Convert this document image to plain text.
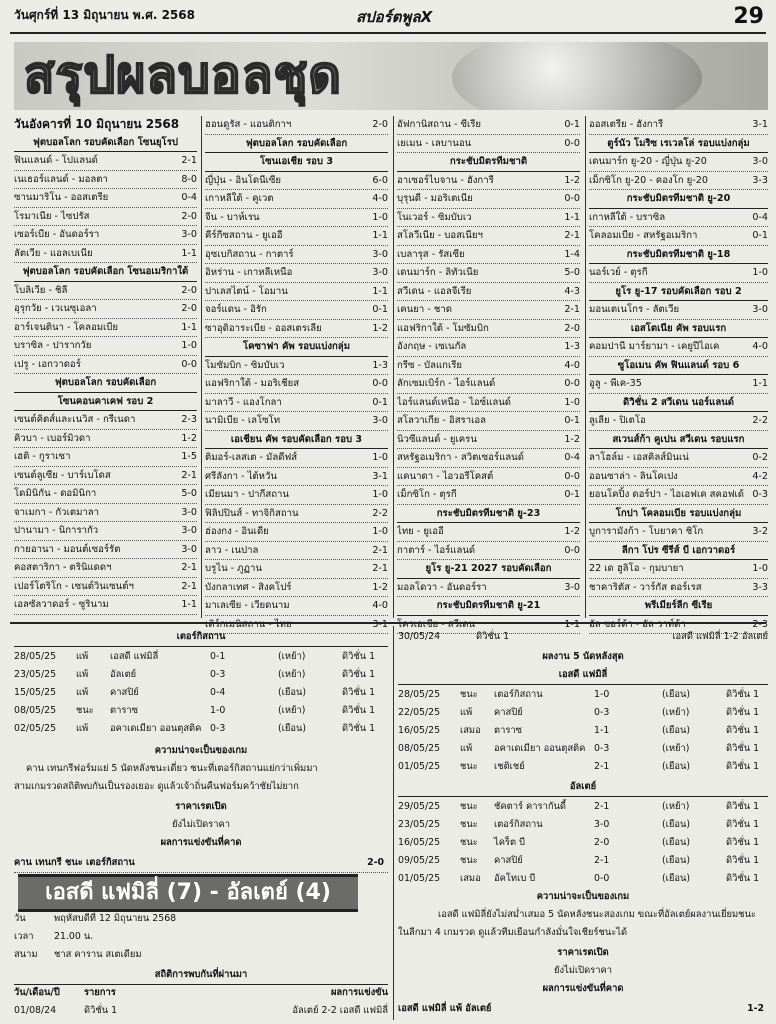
วันศุกร์ที่ 13 มิถุนายน พ.ศ. 2568	สปอร์ตพูลX	29
สรุปผลบอลชุด
วันอังคารที่ 10 มิถุนายน 2568
ฟุตบอลโลก รอบคัดเลือก โซนยุโรป
ฟินแลนด์ - โปแลนด์	2-1
เนเธอร์แลนด์ - มอลตา	8-0
ซานมาริโน - ออสเตรีย	0-4
โรมาเนีย - ไซปรัส	2-0
เซอร์เบีย - อันดอร์รา	3-0
ลัตเวีย - แอลเบเนีย	1-1
ฟุตบอลโลก รอบคัดเลือก โซนอเมริกาใต้
โบลิเวีย - ชิลี	2-0
อุรุกวัย - เวเนซุเอลา	2-0
อาร์เจนตินา - โคลอมเบีย	1-1
บราซิล - ปารากวัย	1-0
เปรู - เอกวาดอร์	0-0
ฟุตบอลโลก รอบคัดเลือก
โซนคอนคาเคฟ รอบ 2
เซนต์คิตส์และเนวิส - กรีเนดา	2-3
คิวบา - เบอร์มิวดา	1-2
เฮติ - กูราเซา	1-5
เซนต์ลูเซีย - บาร์เบโดส	2-1
โดมินิกัน - ดอมินิกา	5-0
จาเมกา - กัวเตมาลา	3-0
ปานามา - นิการากัว	3-0
กายอานา - มอนต์เซอร์รัต	3-0
คอสตาริกา - ตรินิแดดฯ	2-1
เปอร์โตริโก - เซนต์วินเซนต์ฯ	2-1
เอลซัลวาดอร์ - ซูรินาม	1-1
ฮอนดูรัส - แอนติกาฯ	2-0
ฟุตบอลโลก รอบคัดเลือก
โซนเอเชีย รอบ 3
ญี่ปุ่น - อินโดนีเซีย	6-0
เกาหลีใต้ - คูเวต	4-0
จีน - บาห์เรน	1-0
คีร์กีซสถาน - ยูเออี	1-1
อุซเบกิสถาน - กาตาร์	3-0
อิหร่าน - เกาหลีเหนือ	3-0
ปาเลสไตน์ - โอมาน	1-1
จอร์แดน - อิรัก	0-1
ซาอุดิอาระเบีย - ออสเตรเลีย	1-2
โคซาฟา คัพ รอบแบ่งกลุ่ม
โมซัมบิก - ซิมบับเว	1-3
แอฟริกาใต้ - มอริเชียส	0-0
มาลาวี - แองโกลา	0-1
นามิเบีย - เลโซโท	3-0
เอเชียน คัพ รอบคัดเลือก รอบ 3
ติมอร์-เลสเต - มัลดีฟส์	1-0
ศรีลังกา - ไต้หวัน	3-1
เมียนมา - ปากีสถาน	1-0
ฟิลิปปินส์ - ทาจิกิสถาน	2-2
ฮ่องกง - อินเดีย	1-0
ลาว - เนปาล	2-1
บรูไน - ภูฏาน	2-1
บังกลาเทศ - สิงคโปร์	1-2
มาเลเซีย - เวียดนาม	4-0
เติร์กเมนิสถาน - ไทย	3-1
อัฟกานิสถาน - ซีเรีย	0-1
เยเมน - เลบานอน	0-0
กระชับมิตรทีมชาติ
อาเซอร์ไบจาน - ฮังการี	1-2
บุรุนดี - มอริเตเนีย	0-0
โนเวอร์ - ซิมบับเว	1-1
สโลวีเนีย - บอสเนียฯ	2-1
เบลารุส - รัสเซีย	1-4
เดนมาร์ก - ลิทัวเนีย	5-0
สวีเดน - แอลจีเรีย	4-3
เคนยา - ชาด	2-1
แอฟริกาใต้ - โมซัมบิก	2-0
อังกฤษ - เซเนกัล	1-3
กรีซ - บัลแกเรีย	4-0
ลักเซมเบิร์ก - ไอร์แลนด์	0-0
ไอร์แลนด์เหนือ - ไอซ์แลนด์	1-0
สโลวาเกีย - อิสราเอล	0-1
นิวซีแลนด์ - ยูเครน	1-2
สหรัฐอเมริกา - สวิตเซอร์แลนด์	0-4
แคนาดา - ไอวอรีโคสต์	0-0
เม็กซิโก - ตุรกี	0-1
กระชับมิตรทีมชาติ ยู-23
ไทย - ยูเออี	1-2
กาตาร์ - ไอร์แลนด์	0-0
ยูโร ยู-21 2027 รอบคัดเลือก
มอลโดวา - อันดอร์รา	3-0
กระชับมิตรทีมชาติ ยู-21
โครเอเชีย - สวีเดน	1-1
ออสเตรีย - ฮังการี	3-1
ตูร์นัว โมริซ เรเวลโล่ รอบแบ่งกลุ่ม
เดนมาร์ก ยู-20 - ญี่ปุ่น ยู-20	3-0
เม็กซิโก ยู-20 - คองโก ยู-20	3-3
กระชับมิตรทีมชาติ ยู-20
เกาหลีใต้ - บราซิล	0-4
โคลอมเบีย - สหรัฐอเมริกา	0-1
กระชับมิตรทีมชาติ ยู-18
นอร์เวย์ - ตุรกี	1-0
ยูโร ยู-17 รอบคัดเลือก รอบ 2
มอนเตเนโกร - ลัตเวีย	3-0
เอสโตเนีย คัพ รอบแรก
คอมปานี มาร์ยามา - เคยูปีไอเค	4-0
ซูโอเมน คัพ ฟินแลนด์ รอบ 6
อูลู - พีเค-35	1-1
ดิวิชั่น 2 สวีเดน นอร์แลนด์
ลูเลีย - ปิเตโอ	2-2
สเวนส์ก้า คูเปน สวีเดน รอบแรก
ลาโฮล์ม - เอสคิลส์มินเน่	0-2
ออนซาล่า - ลินโคเปง	4-2
ยอนโคปิ้ง ดอร์ปา - ไอเอฟเค สคอฟเด้ 0-3
โกปา โคลอมเบีย รอบแบ่งกลุ่ม
บูการามังก้า - โบยาคา ชิโก	3-2
ลีกา โปร ซีรีส์ บี เอกวาดอร์
22 เด ฮูลิโอ - กุมบายา	1-0
ชาคาริตัส - วาร์กัส ตอร์เรส	3-3
พรีเมียร์ลีก ซีเรีย
อัล ซอร์ต้า - อัล วาท์ด้า	2-3
เตอร์กิสถาน
28/05/25 แพ้ เอสดี แฟมิลี่	0-1	(เหย้า)	ดิวิชั่น 1
23/05/25 แพ้ อัลเตย์	0-3	(เหย้า)	ดิวิชั่น 1
15/05/25 แพ้ คาสปิย์	0-4	(เยือน)	ดิวิชั่น 1
08/05/25 ชนะ ตาราซ	1-0	(เหย้า)	ดิวิชั่น 1
02/05/25 แพ้ อคาเดเมียา ออนตุสติค 0-3	(เยือน)	ดิวิชั่น 1
ความน่าจะเป็นของเกม
คาน เทนกรีฟอร์มแย่ 5 นัดหลังชนะเดี่ยว ชนะที่เตอร์กิสถานแย่กว่าเพิ่มมา
สามเกมรวดสถิติพบกันเป็นรองเยอะ ดูแล้วเจ้าถิ่นคืนฟอร์มคว้าชัยไม่ยาก
ราคาเรตเปิด
ยังไม่เปิดราคา
ผลการแข่งขันที่คาด
คาน เทนกรี ชนะ เตอร์กิสถาน	2-0
เอสดี แฟมิลี่ (7) - อัลเตย์ (4)
วัน	พฤหัสบดีที่ 12 มิถุนายน 2568
เวลา 21.00 น.
สนาม ชาส คาราน สเตเดียม
สถิติการพบกันที่ผ่านมา
วัน/เดือน/ปี	รายการ	ผลการแข่งขัน
01/08/24	ดิวิชั่น 1	อัลเตย์ 2-2 เอสดี แฟมิลี่
30/05/24	ดิวิชั่น 1	เอสดี แฟมิลี่ 1-2 อัลเตย์
ผลงาน 5 นัดหลังสุด
เอสดี แฟมิลี่
28/05/25 ชนะ เตอร์กิสถาน	1-0	(เยือน)	ดิวิชั่น 1
22/05/25 แพ้ คาสปิย์	0-3	(เหย้า)	ดิวิชั่น 1
16/05/25 เสมอ ตาราซ	1-1	(เยือน)	ดิวิชั่น 1
08/05/25 แพ้ อคาเดเมียา ออนตุสติค 0-3	(เหย้า)	ดิวิชั่น 1
01/05/25 ชนะ เชติเชย์	2-1	(เยือน)	ดิวิชั่น 1
อัลเตย์
29/05/25 ชนะ ชัคตาร์ คารากันดี้	2-1	(เหย้า)	ดิวิชั่น 1
23/05/25 ชนะ เตอร์กิสถาน	3-0	(เยือน)	ดิวิชั่น 1
16/05/25 ชนะ ไคร็ต บี	2-0	(เยือน)	ดิวิชั่น 1
09/05/25 ชนะ คาสปิย์	2-1	(เยือน)	ดิวิชั่น 1
01/05/25 เสมอ อัคโทเบ บี	0-0	(เยือน)	ดิวิชั่น 1
ความน่าจะเป็นของเกม
เอสดี แฟมิลี่ยังไม่สม่ำเสมอ 5 นัดหลังชนะสองเกม ขณะที่อัลเตย์ผลงานเยี่ยมชนะ
ในลีกมา 4 เกมรวด ดูแล้วทีมเยือนกำลังมั่นใจเชียร์ชนะได้
ราคาเรตเปิด
ยังไม่เปิดราคา
ผลการแข่งขันที่คาด
เอสดี แฟมิลี่ แพ้ อัลเตย์	1-2
